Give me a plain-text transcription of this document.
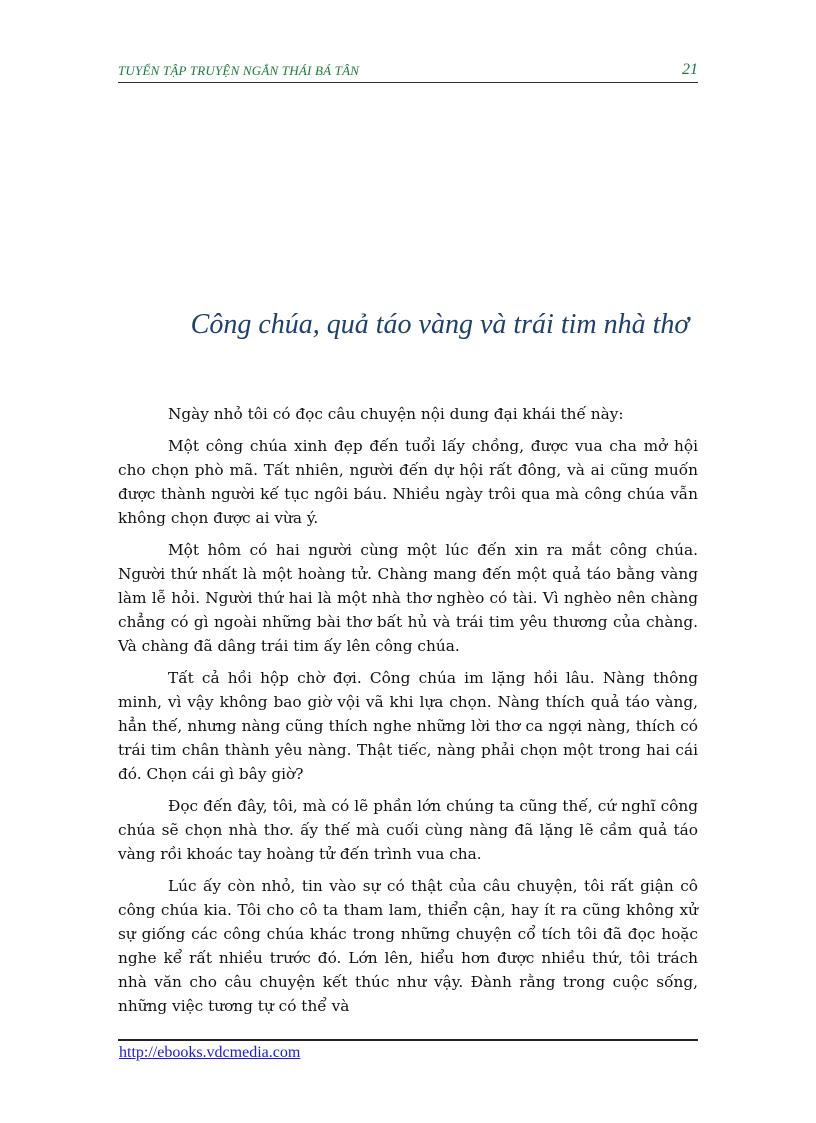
TUYỂN TẬP TRUYỆN NGẮN THÁI BÁ TÂN	21
Công chúa, quả táo vàng và trái tim nhà thơ

Ngày nhỏ tôi có đọc câu chuyện nội dung đại khái thế này:

Một công chúa xinh đẹp đến tuổi lấy chồng, được vua cha mở hội cho chọn phò mã. Tất nhiên, người đến dự hội rất đông, và ai cũng muốn được thành người kế tục ngôi báu. Nhiều ngày trôi qua mà công chúa vẫn không chọn được ai vừa ý.

Một hôm có hai người cùng một lúc đến xin ra mắt công chúa. Người thứ nhất là một hoàng tử. Chàng mang đến một quả táo bằng vàng làm lễ hỏi. Người thứ hai là một nhà thơ nghèo có tài. Vì nghèo nên chàng chẳng có gì ngoài những bài thơ bất hủ và trái tim yêu thương của chàng. Và chàng đã dâng trái tim ấy lên công chúa.

Tất cả hồi hộp chờ đợi. Công chúa im lặng hồi lâu. Nàng thông minh, vì vậy không bao giờ vội vã khi lựa chọn. Nàng thích quả táo vàng, hẳn thế, nhưng nàng cũng thích nghe những lời thơ ca ngợi nàng, thích có trái tim chân thành yêu nàng. Thật tiếc, nàng phải chọn một trong hai cái đó. Chọn cái gì bây giờ?

Đọc đến đây, tôi, mà có lẽ phần lớn chúng ta cũng thế, cứ nghĩ công chúa sẽ chọn nhà thơ. ấy thế mà cuối cùng nàng đã lặng lẽ cầm quả táo vàng rồi khoác tay hoàng tử đến trình vua cha.

Lúc ấy còn nhỏ, tin vào sự có thật của câu chuyện, tôi rất giận cô công chúa kia. Tôi cho cô ta tham lam, thiển cận, hay ít ra cũng không xử sự giống các công chúa khác trong những chuyện cổ tích tôi đã đọc hoặc nghe kể rất nhiều trước đó. Lớn lên, hiểu hơn được nhiều thứ, tôi trách nhà văn cho câu chuyện kết thúc như vậy. Đành rằng trong cuộc sống, những việc tương tự có thể và

http://ebooks.vdcmedia.com
